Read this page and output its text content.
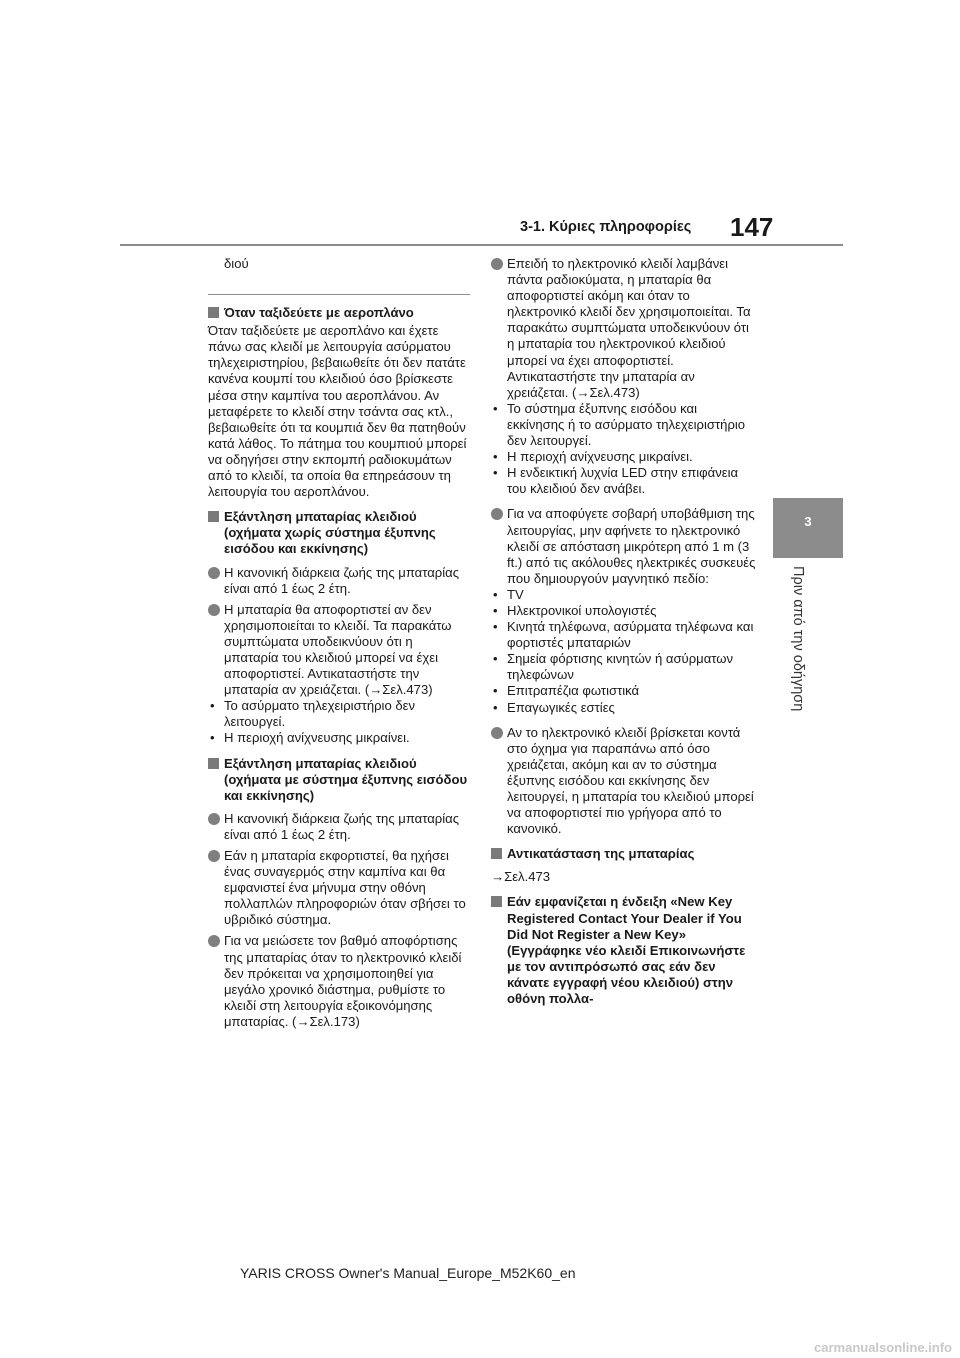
3-1. Κύριες πληροφορίες	147
3
Πριν από την οδήγηση

διού

Όταν ταξιδεύετε με αεροπλάνο

Όταν ταξιδεύετε με αεροπλάνο και έχετε πάνω σας κλειδί με λειτουργία ασύρματου τηλεχειριστηρίου, βεβαιωθείτε ότι δεν πατάτε κανένα κουμπί του κλειδιού όσο βρίσκεστε μέσα στην καμπίνα του αεροπλάνου. Αν μεταφέρετε το κλειδί στην τσάντα σας κτλ., βεβαιωθείτε ότι τα κουμπιά δεν θα πατηθούν κατά λάθος. Το πάτημα του κουμπιού μπορεί να οδηγήσει στην εκπομπή ραδιοκυμάτων από το κλειδί, τα οποία θα επηρεάσουν τη λειτουργία του αεροπλάνου.

Εξάντληση μπαταρίας κλειδιού (οχήματα χωρίς σύστημα έξυπνης εισόδου και εκκίνησης)

Η κανονική διάρκεια ζωής της μπαταρίας είναι από 1 έως 2 έτη.

Η μπαταρία θα αποφορτιστεί αν δεν χρησιμοποιείται το κλειδί. Τα παρακάτω συμπτώματα υποδεικνύουν ότι η μπαταρία του κλειδιού μπορεί να έχει αποφορτιστεί. Αντικαταστήστε την μπαταρία αν χρειάζεται. (→Σελ.473)

• Το ασύρματο τηλεχειριστήριο δεν λειτουργεί.

• Η περιοχή ανίχνευσης μικραίνει.

Εξάντληση μπαταρίας κλειδιού (οχήματα με σύστημα έξυπνης εισόδου και εκκίνησης)

Η κανονική διάρκεια ζωής της μπαταρίας είναι από 1 έως 2 έτη.

Εάν η μπαταρία εκφορτιστεί, θα ηχήσει ένας συναγερμός στην καμπίνα και θα εμφανιστεί ένα μήνυμα στην οθόνη πολλαπλών πληροφοριών όταν σβήσει το υβριδικό σύστημα.

Για να μειώσετε τον βαθμό αποφόρτισης της μπαταρίας όταν το ηλεκτρονικό κλειδί δεν πρόκειται να χρησιμοποιηθεί για μεγάλο χρονικό διάστημα, ρυθμίστε το κλειδί στη λειτουργία εξοικονόμησης μπαταρίας. (→Σελ.173)

Επειδή το ηλεκτρονικό κλειδί λαμβάνει πάντα ραδιοκύματα, η μπαταρία θα αποφορτιστεί ακόμη και όταν το ηλεκτρονικό κλειδί δεν χρησιμοποιείται. Τα παρακάτω συμπτώματα υποδεικνύουν ότι η μπαταρία του ηλεκτρονικού κλειδιού μπορεί να έχει αποφορτιστεί. Αντικαταστήστε την μπαταρία αν χρειάζεται. (→Σελ.473)

• Το σύστημα έξυπνης εισόδου και εκκίνησης ή το ασύρματο τηλεχειριστήριο δεν λειτουργεί.

• Η περιοχή ανίχνευσης μικραίνει.

• Η ενδεικτική λυχνία LED στην επιφάνεια του κλειδιού δεν ανάβει.

Για να αποφύγετε σοβαρή υποβάθμιση της λειτουργίας, μην αφήνετε το ηλεκτρονικό κλειδί σε απόσταση μικρότερη από 1 m (3 ft.) από τις ακόλουθες ηλεκτρικές συσκευές που δημιουργούν μαγνητικό πεδίο:

• TV

• Ηλεκτρονικοί υπολογιστές

• Κινητά τηλέφωνα, ασύρματα τηλέφωνα και φορτιστές μπαταριών

• Σημεία φόρτισης κινητών ή ασύρματων τηλεφώνων

• Επιτραπέζια φωτιστικά

• Επαγωγικές εστίες

Αν το ηλεκτρονικό κλειδί βρίσκεται κοντά στο όχημα για παραπάνω από όσο χρειάζεται, ακόμη και αν το σύστημα έξυπνης εισόδου και εκκίνησης δεν λειτουργεί, η μπαταρία του κλειδιού μπορεί να αποφορτιστεί πιο γρήγορα από το κανονικό.

Αντικατάσταση της μπαταρίας

→Σελ.473

Εάν εμφανίζεται η ένδειξη «New Key Registered Contact Your Dealer if You Did Not Register a New Key» (Εγγράφηκε νέο κλειδί Επικοινωνήστε με τον αντιπρόσωπό σας εάν δεν κάνατε εγγραφή νέου κλειδιού) στην οθόνη πολλα-

YARIS CROSS Owner's Manual_Europe_M52K60_en
carmanualsonline.info
